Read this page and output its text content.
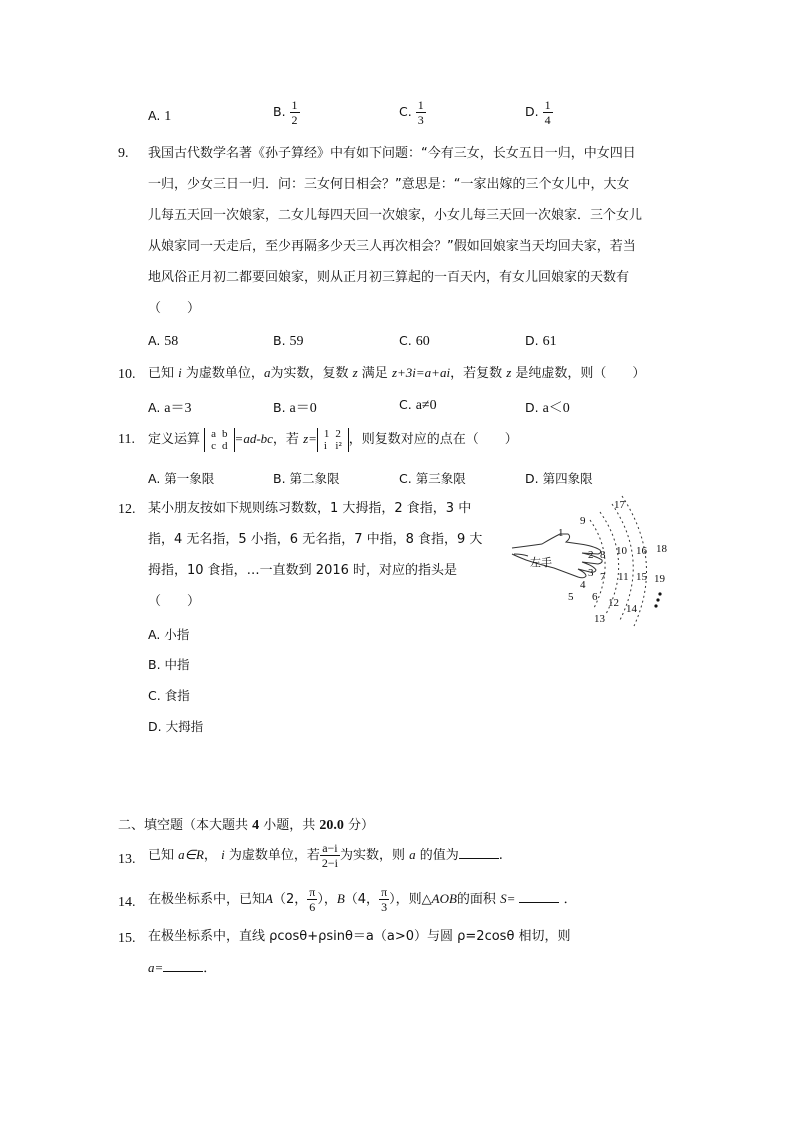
A. 1	B. $\frac{1}{2}$	C. $\frac{1}{3}$	D. $\frac{1}{4}$
9. 我国古代数学名著《孙子算经》中有如下问题：“今有三女，长女五日一归，中女四日
一归，少女三日一归．问：三女何日相会？”意思是：“一家出嫁的三个女儿中，大女
儿每五天回一次娘家，二女儿每四天回一次娘家，小女儿每三天回一次娘家．三个女儿
从娘家同一天走后，至少再隔多少天三人再次相会？”假如回娘家当天均回夫家，若当
地风俗正月初二都要回娘家，则从正月初三算起的一百天内，有女儿回娘家的天数有
（　　）
A. 58	B. 59	C. 60	D. 61
10. 已知 i 为虚数单位，a为实数，复数 z 满足 z+3i=a+ai，若复数 z 是纯虚数，则（　　）
A. a＝3	B. a＝0	C. a≠0	D. a＜0
11. 定义运算 a	b
c	d =ad-bc，若 z= 1	2
i	i² ，则复数对应的点在（　　）
A. 第一象限	B. 第二象限	C. 第三象限	D. 第四象限
12. 某小朋友按如下规则练习数数，1 大拇指，2 食指，3 中
指，4 无名指，5 小指，6 无名指，7 中指，8 食指，9 大
拇指，10 食指，…一直数到 2016 时，对应的指头是
（　　）
A. 小指
B. 中指
C. 食指
D. 大拇指
左手
1
2
3
4
5 6
7
8
9
10
11
12
13
14
15
16
17
18
19
二、填空题（本大题共 4 小题，共 20.0 分）
13. 已知 a∈R， i 为虚数单位，若 $\frac{a-i}{2-i}$ 为实数，则 a 的值为	.
14. 在极坐标系中，已知A（2， $\frac{\pi}{6}$ ），B（4， $\frac{\pi}{3}$ ），则△AOB的面积 S=	．
15. 在极坐标系中，直线 ρcosθ+ρsinθ＝a（a>0）与圆 ρ=2cosθ 相切，则
a=	．
